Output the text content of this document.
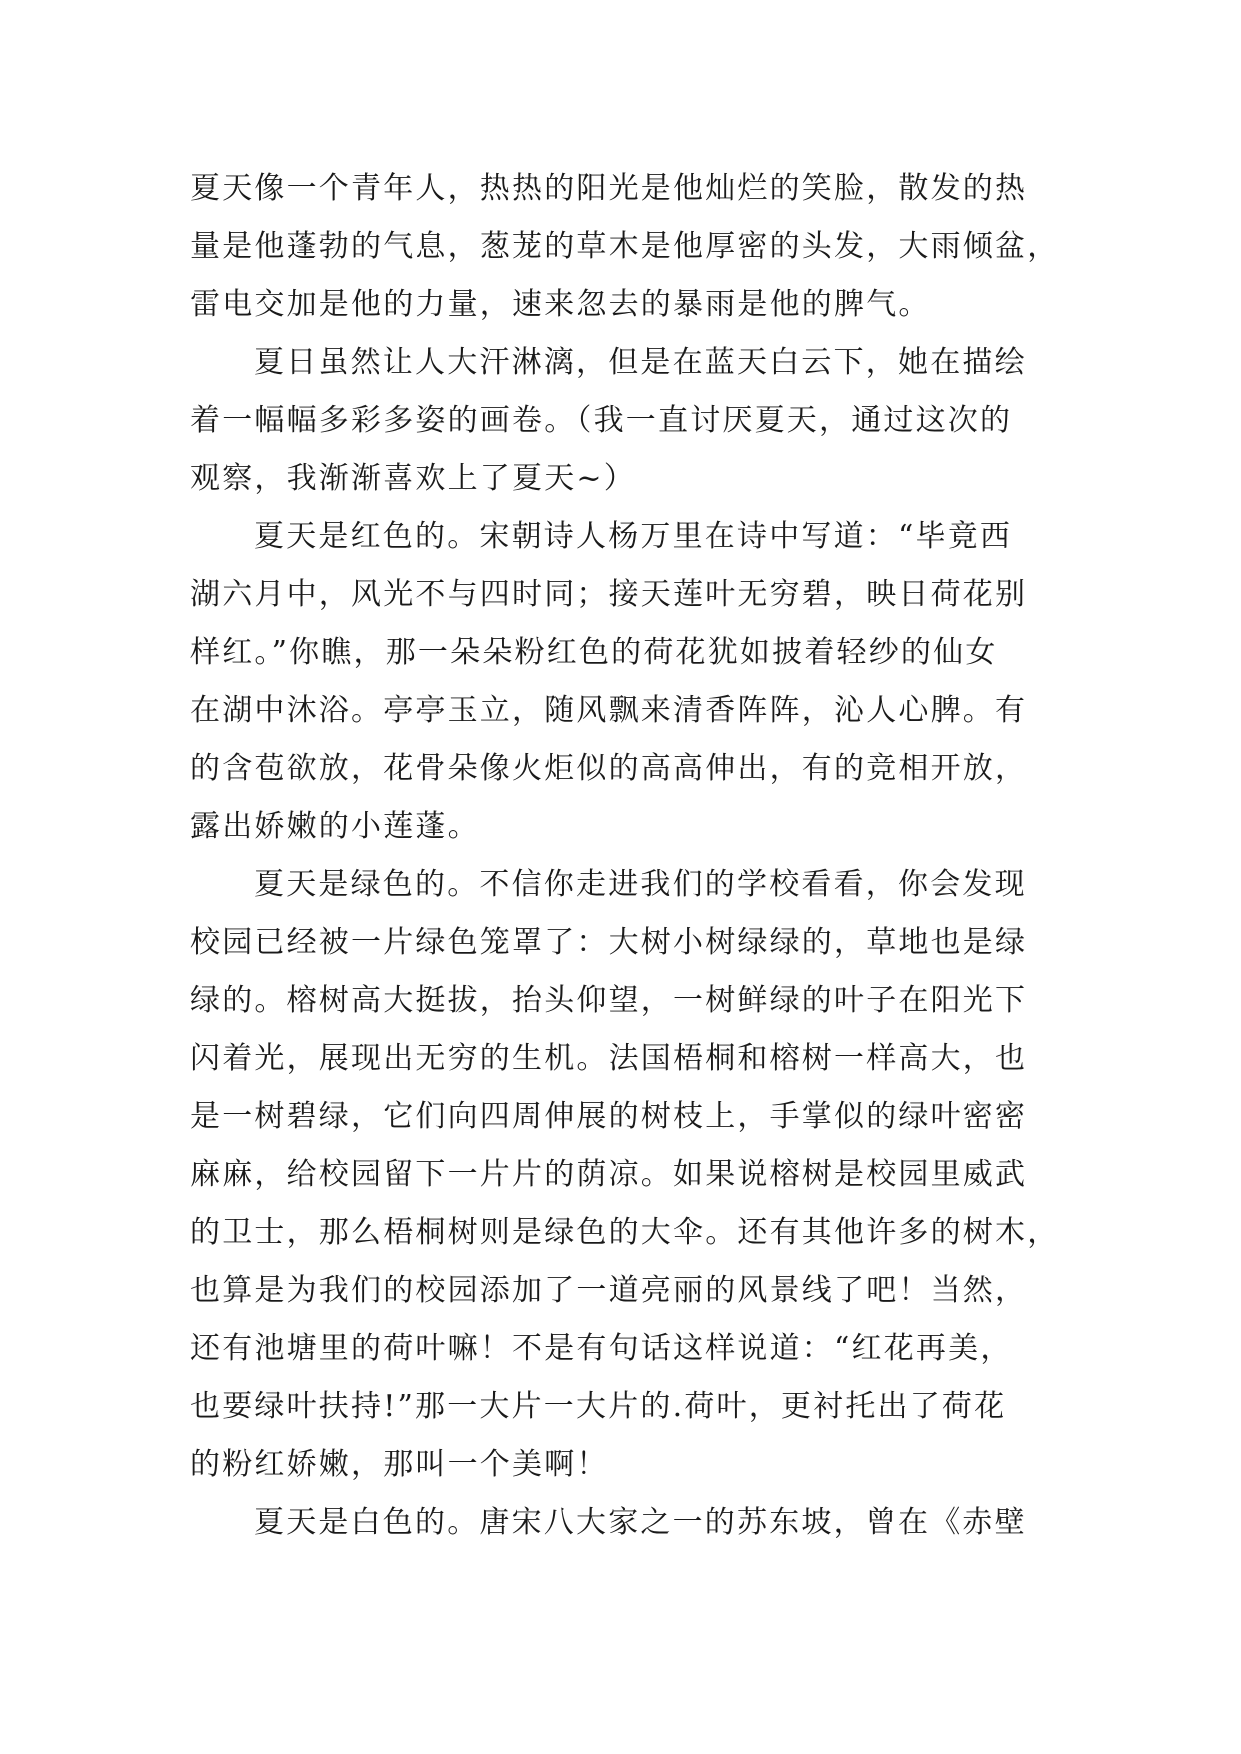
夏天像一个青年人，热热的阳光是他灿烂的笑脸，散发的热
量是他蓬勃的气息，葱茏的草木是他厚密的头发，大雨倾盆，
雷电交加是他的力量，速来忽去的暴雨是他的脾气。
夏日虽然让人大汗淋漓，但是在蓝天白云下，她在描绘
着一幅幅多彩多姿的画卷。（我一直讨厌夏天，通过这次的
观察，我渐渐喜欢上了夏天~）
夏天是红色的。宋朝诗人杨万里在诗中写道：“毕竟西
湖六月中，风光不与四时同；接天莲叶无穷碧，映日荷花别
样红。”你瞧，那一朵朵粉红色的荷花犹如披着轻纱的仙女
在湖中沐浴。亭亭玉立，随风飘来清香阵阵，沁人心脾。有
的含苞欲放，花骨朵像火炬似的高高伸出，有的竞相开放，
露出娇嫩的小莲蓬。
夏天是绿色的。不信你走进我们的学校看看，你会发现
校园已经被一片绿色笼罩了：大树小树绿绿的，草地也是绿
绿的。榕树高大挺拔，抬头仰望，一树鲜绿的叶子在阳光下
闪着光，展现出无穷的生机。法国梧桐和榕树一样高大，也
是一树碧绿，它们向四周伸展的树枝上，手掌似的绿叶密密
麻麻，给校园留下一片片的荫凉。如果说榕树是校园里威武
的卫士，那么梧桐树则是绿色的大伞。还有其他许多的树木，
也算是为我们的校园添加了一道亮丽的风景线了吧！当然，
还有池塘里的荷叶嘛！不是有句话这样说道：“红花再美，
也要绿叶扶持!”那一大片一大片的.荷叶，更衬托出了荷花
的粉红娇嫩，那叫一个美啊！
夏天是白色的。唐宋八大家之一的苏东坡，曾在《赤壁
